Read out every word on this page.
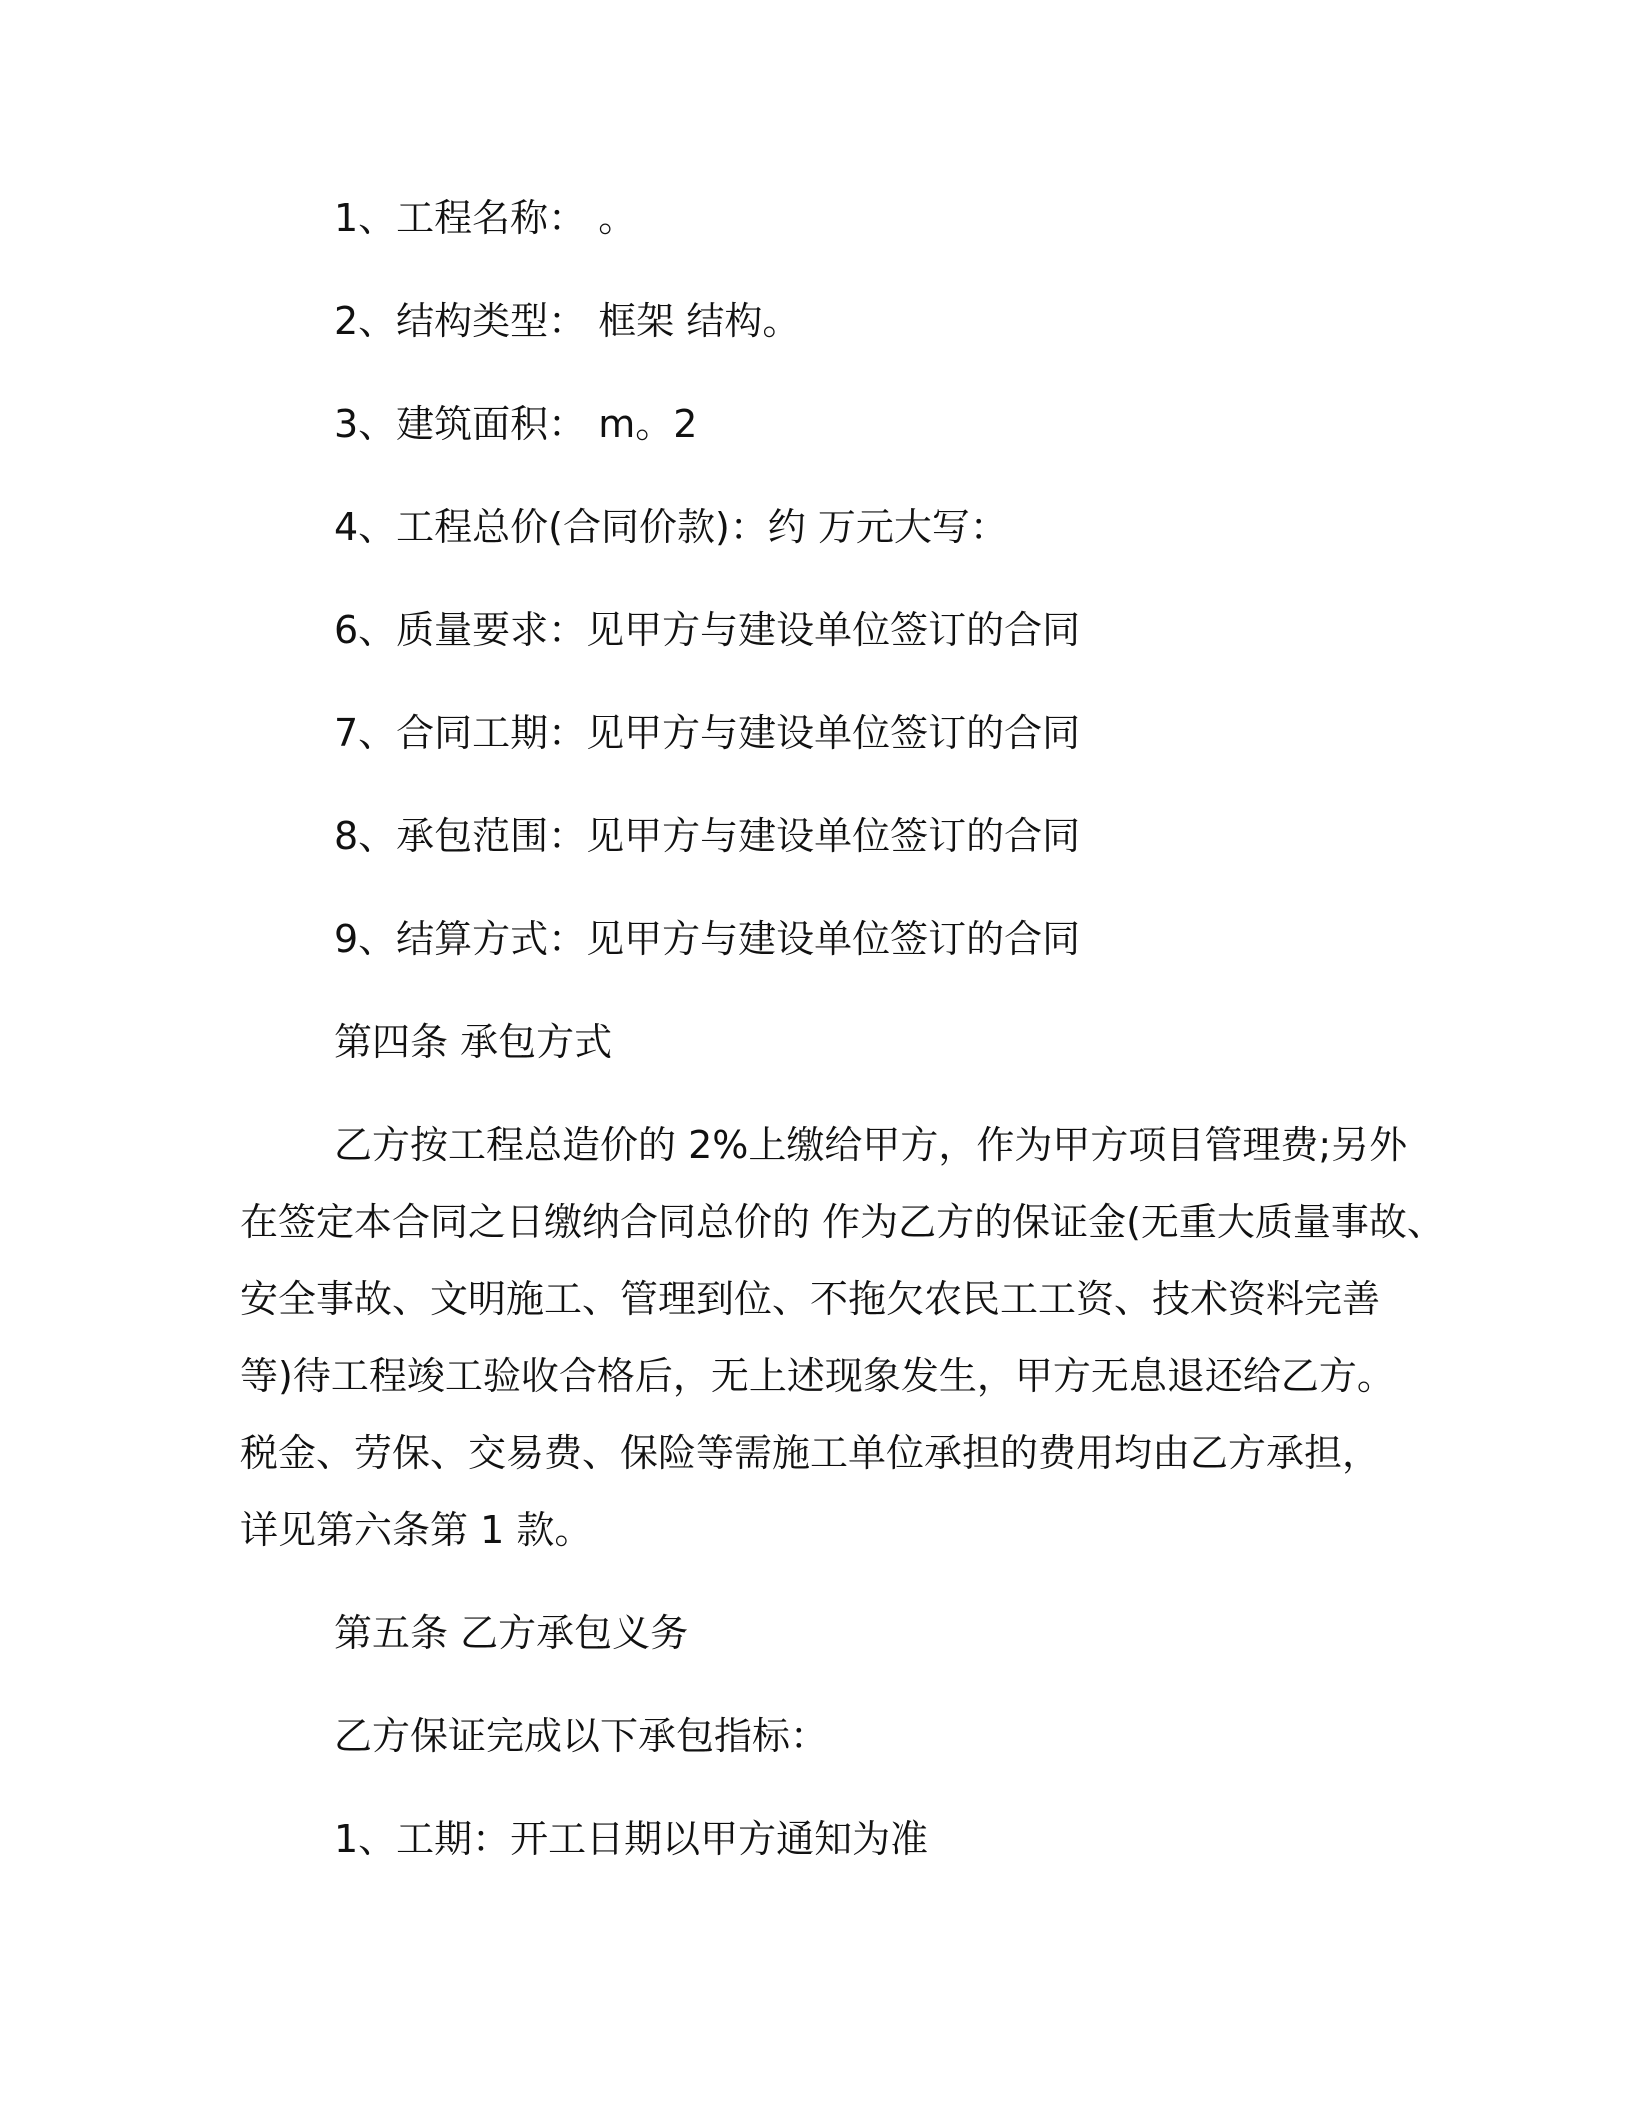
1、工程名称： 。
2、结构类型： 框架 结构。
3、建筑面积： m。2
4、工程总价(合同价款)：约 万元大写：
6、质量要求：见甲方与建设单位签订的合同
7、合同工期：见甲方与建设单位签订的合同
8、承包范围：见甲方与建设单位签订的合同
9、结算方式：见甲方与建设单位签订的合同
第四条 承包方式
乙方按工程总造价的 2%上缴给甲方，作为甲方项目管理费;另外
在签定本合同之日缴纳合同总价的 作为乙方的保证金(无重大质量事故、
安全事故、文明施工、管理到位、不拖欠农民工工资、技术资料完善
等)待工程竣工验收合格后，无上述现象发生，甲方无息退还给乙方。
税金、劳保、交易费、保险等需施工单位承担的费用均由乙方承担，
详见第六条第 1 款。
第五条 乙方承包义务
乙方保证完成以下承包指标：
1、工期：开工日期以甲方通知为准
